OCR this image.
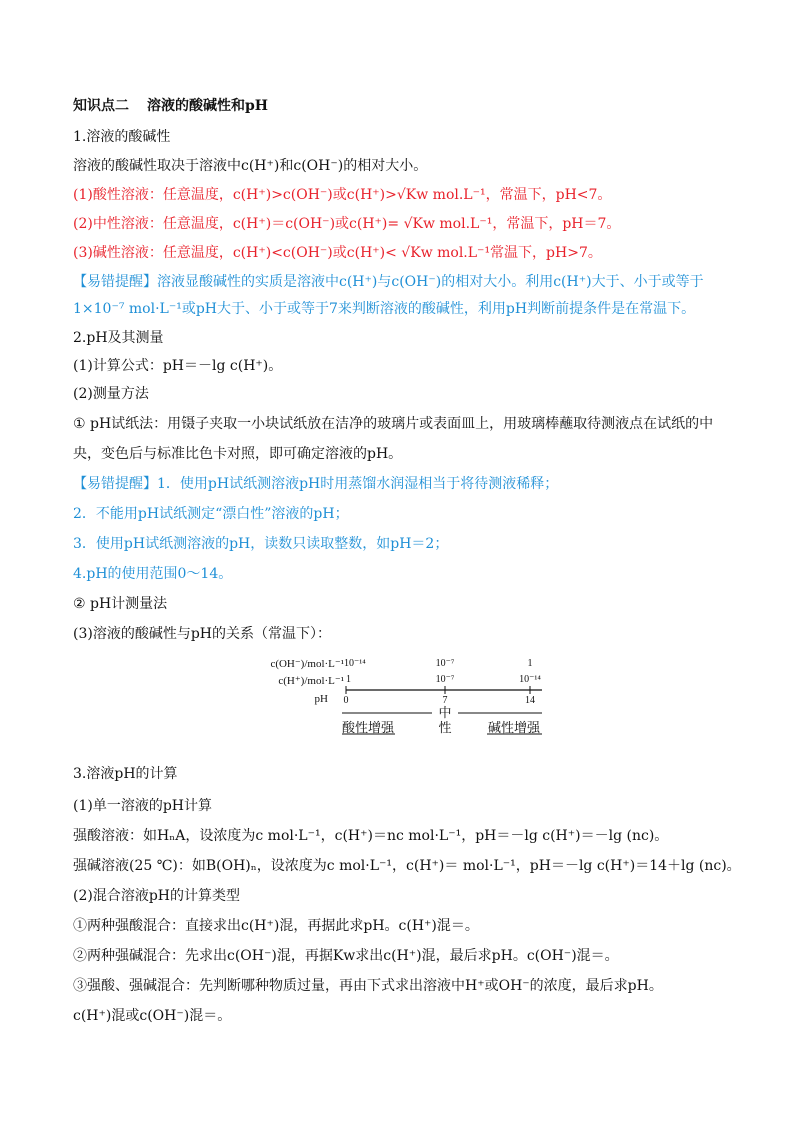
知识点二 溶液的酸碱性和pH
1.溶液的酸碱性
溶液的酸碱性取决于溶液中c(H⁺)和c(OH⁻)的相对大小。
(1)酸性溶液：任意温度，c(H⁺)>c(OH⁻)或c(H⁺)>√Kw mol.L⁻¹，常温下，pH<7。
(2)中性溶液：任意温度，c(H⁺)＝c(OH⁻)或c(H⁺)= √Kw mol.L⁻¹，常温下，pH＝7。
(3)碱性溶液：任意温度，c(H⁺)<c(OH⁻)或c(H⁺)< √Kw mol.L⁻¹常温下，pH>7。
【易错提醒】溶液显酸碱性的实质是溶液中c(H⁺)与c(OH⁻)的相对大小。利用c(H⁺)大于、小于或等于
1×10⁻⁷ mol·L⁻¹或pH大于、小于或等于7来判断溶液的酸碱性，利用pH判断前提条件是在常温下。
2.pH及其测量
(1)计算公式：pH＝－lg c(H⁺)。
(2)测量方法
① pH试纸法：用镊子夹取一小块试纸放在洁净的玻璃片或表面皿上，用玻璃棒蘸取待测液点在试纸的中
央，变色后与标准比色卡对照，即可确定溶液的pH。
【易错提醒】1．使用pH试纸测溶液pH时用蒸馏水润湿相当于将待测液稀释；
2．不能用pH试纸测定“漂白性”溶液的pH；
3．使用pH试纸测溶液的pH，读数只读取整数，如pH＝2；
4.pH的使用范围0～14。
② pH计测量法
(3)溶液的酸碱性与pH的关系（常温下）：
c(OH⁻)/mol·L⁻¹
c(H⁺)/mol·L⁻¹
pH
10⁻¹⁴	10⁻⁷	1
1	10⁻⁷	10⁻¹⁴
0	7	14
酸性增强
中
性	碱性增强
3.溶液pH的计算
(1)单一溶液的pH计算
强酸溶液：如HₙA，设浓度为c mol·L⁻¹，c(H⁺)＝nc mol·L⁻¹，pH＝－lg c(H⁺)＝－lg (nc)。
强碱溶液(25 ℃)：如B(OH)ₙ，设浓度为c mol·L⁻¹，c(H⁺)＝ mol·L⁻¹，pH＝－lg c(H⁺)＝14＋lg (nc)。
(2)混合溶液pH的计算类型
①两种强酸混合：直接求出c(H⁺)混，再据此求pH。c(H⁺)混＝。
②两种强碱混合：先求出c(OH⁻)混，再据Kw求出c(H⁺)混，最后求pH。c(OH⁻)混＝。
③强酸、强碱混合：先判断哪种物质过量，再由下式求出溶液中H⁺或OH⁻的浓度，最后求pH。
c(H⁺)混或c(OH⁻)混＝。
